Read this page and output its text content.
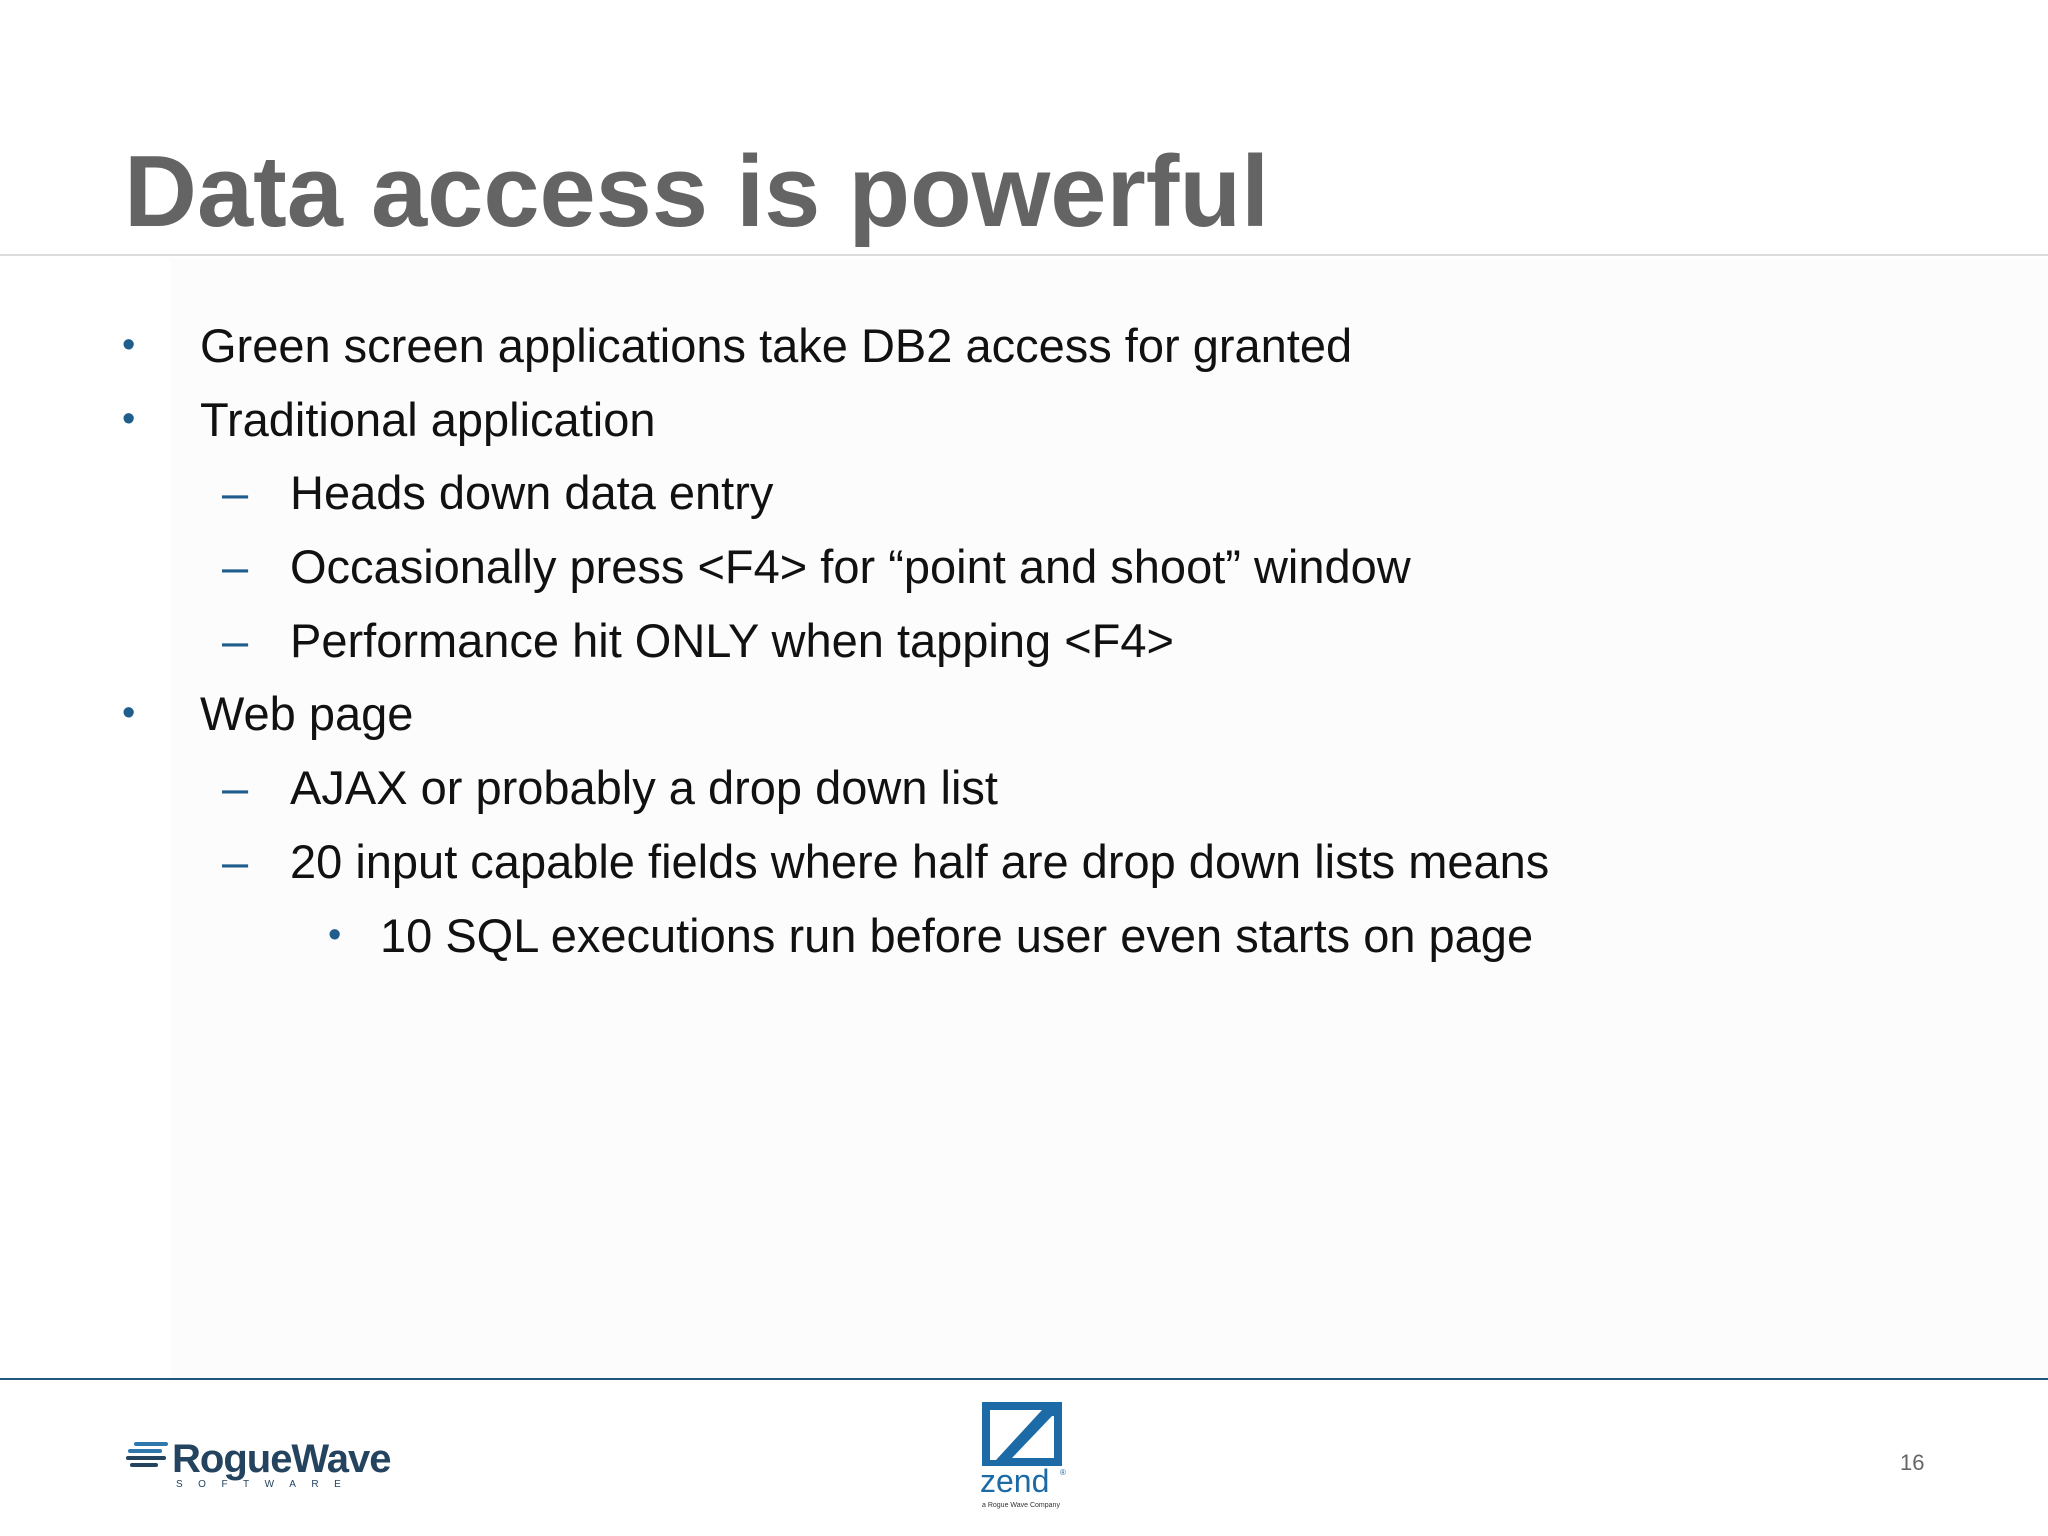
Data access is powerful
• Green screen applications take DB2 access for granted
• Traditional application
– Heads down data entry
– Occasionally press <F4> for “point and shoot” window
– Performance hit ONLY when tapping <F4>
• Web page
– AJAX or probably a drop down list
– 20 input capable fields where half are drop down lists means
• 10 SQL executions run before user even starts on page
RogueWave
SOFTWARE	zend ®
a Rogue Wave Company
16
